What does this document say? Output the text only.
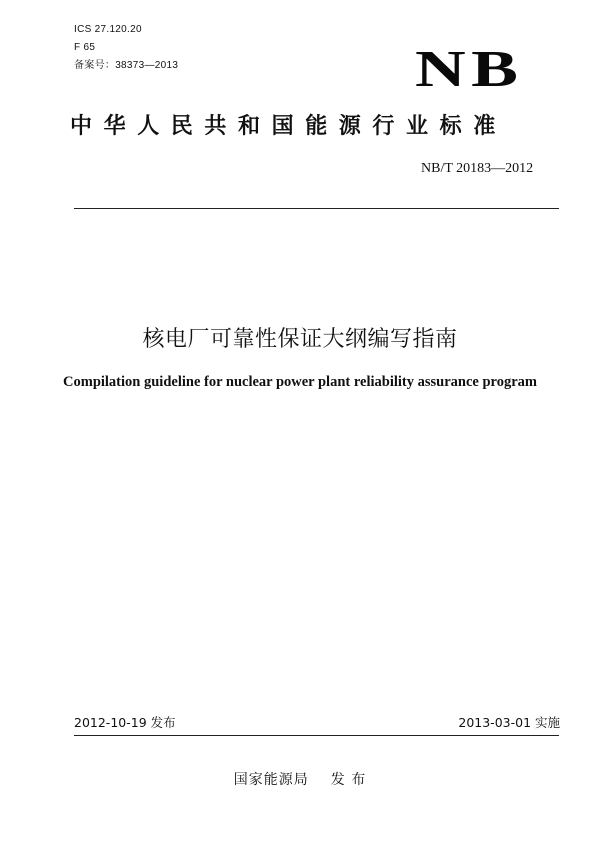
ICS 27.120.20
F 65
备案号：38373—2013	NB
中华人民共和国能源行业标准
NB/T 20183—2012
核电厂可靠性保证大纲编写指南
Compilation guideline for nuclear power plant reliability assurance program
2012-10-19 发布	2013-03-01 实施
国家能源局 发 布
